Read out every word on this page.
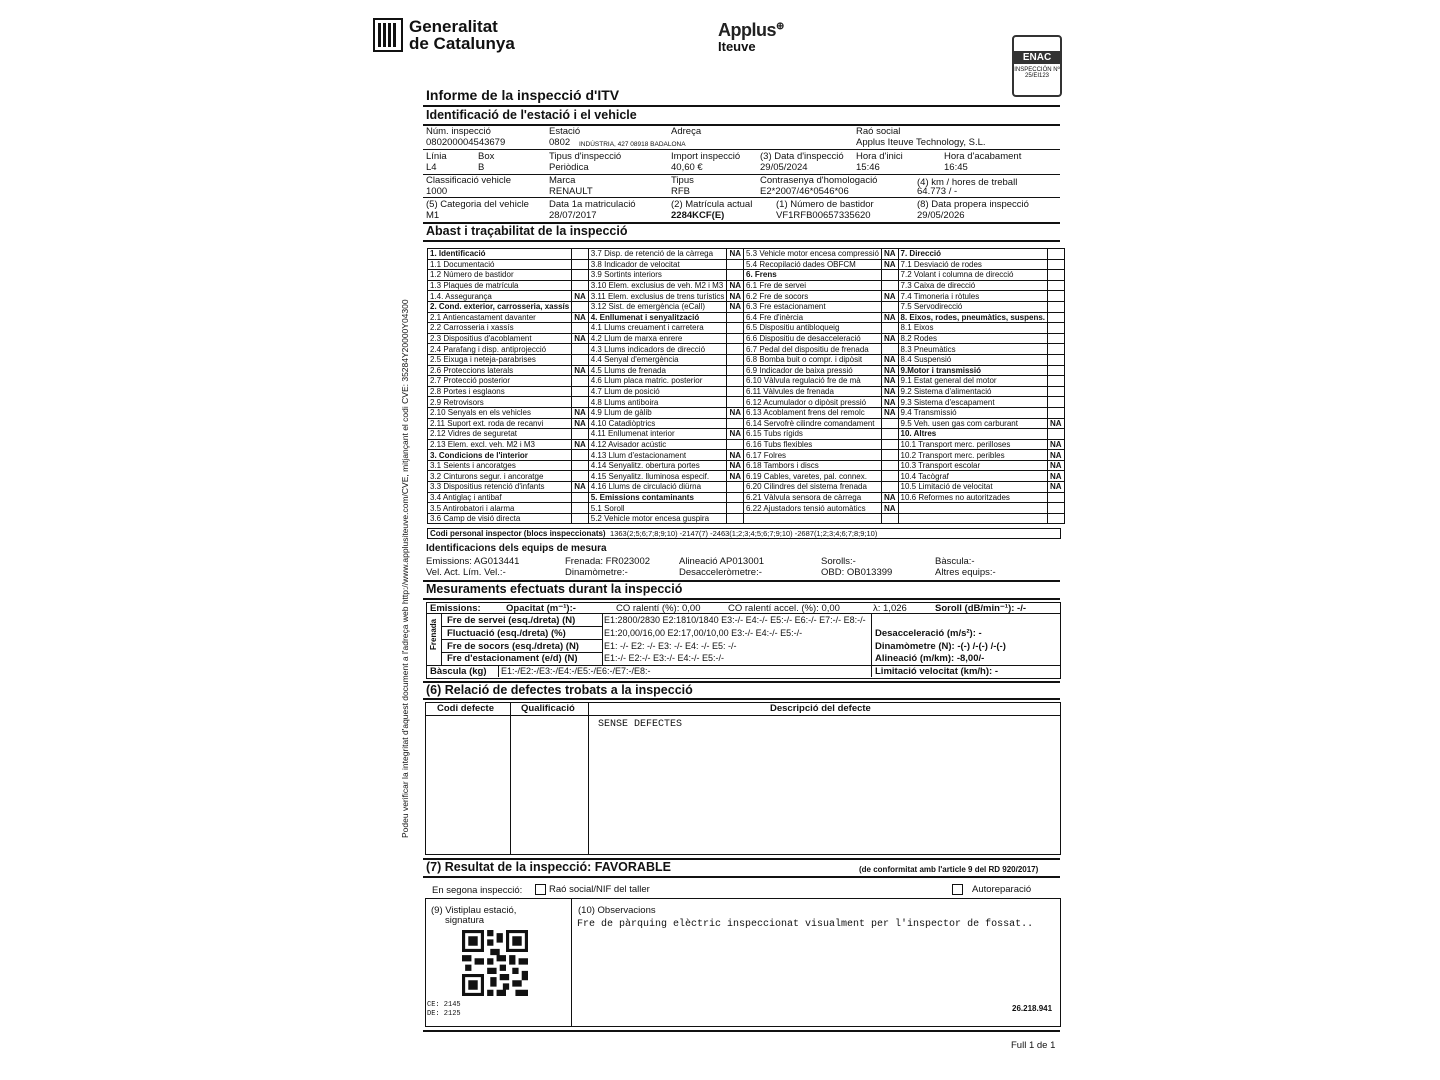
Podeu verificar la integritat d'aquest document a l'adreça web http://www.applusiteuve.com/CVE, mitjançant el codi CVE: 35284Y20000Y04300
Generalitat
de Catalunya
Applus⊕
Iteuve
ENAC
INSPECCIÓN Nº 25/EI123
Informe de la inspecció d'ITV
Identificació de l'estació i el vehicle
Núm. inspecció
080200004543679
Estació
0802
Adreça
INDÚSTRIA, 427 08918 BADALONA
Raó social
Applus Iteuve Technology, S.L.
Línia
L4
Box
B
Tipus d'inspecció
Periòdica
Import inspecció
40,60 €
(3) Data d'inspecció
29/05/2024
Hora d'inici
15:46
Hora d'acabament
16:45
Classificació vehicle
1000
Marca
RENAULT
Tipus
RFB
Contrasenya d'homologació
E2*2007/46*0546*06
(4) km / hores de treball
64.773 / -
(5) Categoria del vehicle
M1
Data 1a matriculació
28/07/2017
(2) Matrícula actual
2284KCF(E)
(1) Número de bastidor
VF1RFB00657335620
(8) Data propera inspecció
29/05/2026
Abast i traçabilitat de la inspecció
1. Identificació		3.7 Disp. de retenció de la càrrega	NA	5.3 Vehicle motor encesa compressió	NA	7. Direcció	
1.1 Documentació		3.8 Indicador de velocitat		5.4 Recopilació dades OBFCM	NA	7.1 Desviació de rodes	
1.2 Número de bastidor		3.9 Sortints interiors		6. Frens		7.2 Volant i columna de direcció	
1.3 Plaques de matrícula		3.10 Elem. exclusius de veh. M2 i M3	NA	6.1 Fre de servei		7.3 Caixa de direcció	
1.4. Assegurança	NA	3.11 Elem. exclusius de trens turístics	NA	6.2 Fre de socors	NA	7.4 Timoneria i ròtules	
2. Cond. exterior, carrosseria, xassís		3.12 Sist. de emergència (eCall)	NA	6.3 Fre estacionament		7.5 Servodirecció	
2.1 Antiencastament davanter	NA	4. Enllumenat i senyalització		6.4 Fre d'inèrcia	NA	8. Eixos, rodes, pneumàtics, suspens.	
2.2 Carrosseria i xassís		4.1 Llums creuament i carretera		6.5 Dispositiu antibloqueig		8.1 Eixos	
2.3 Dispositius d'acoblament	NA	4.2 Llum de marxa enrere		6.6 Dispositiu de desacceleració	NA	8.2 Rodes	
2.4 Parafang i disp. antiprojecció		4.3 Llums indicadors de direcció		6.7 Pedal del dispositiu de frenada		8.3 Pneumàtics	
2.5 Eixuga i neteja-parabrises		4.4 Senyal d'emergència		6.8 Bomba buit o compr. i dipòsit	NA	8.4 Suspensió	
2.6 Proteccions laterals	NA	4.5 Llums de frenada		6.9 Indicador de baixa pressió	NA	9.Motor i transmissió	
2.7 Protecció posterior		4.6 Llum placa matric. posterior		6.10 Vàlvula regulació fre de mà	NA	9.1 Estat general del motor	
2.8 Portes i esglaons		4.7 Llum de posició		6.11 Vàlvules de frenada	NA	9.2 Sistema d'alimentació	
2.9 Retrovisors		4.8 Llums antiboira		6.12 Acumulador o dipòsit pressió	NA	9.3 Sistema d'escapament	
2.10 Senyals en els vehicles	NA	4.9 Llum de gàlib	NA	6.13 Acoblament frens del remolc	NA	9.4 Transmissió	
2.11 Suport ext. roda de recanvi	NA	4.10 Catadiòptrics		6.14 Servofrè cilindre comandament		9.5 Veh. usen gas com carburant	NA
2.12 Vidres de seguretat		4.11 Enllumenat interior	NA	6.15 Tubs rígids		10. Altres	
2.13 Elem. excl. veh. M2 i M3	NA	4.12 Avisador acústic		6.16 Tubs flexibles		10.1 Transport merc. perilloses	NA
3. Condicions de l'interior		4.13 Llum d'estacionament	NA	6.17 Folres		10.2 Transport merc. peribles	NA
3.1 Seients i ancoratges		4.14 Senyalitz. obertura portes	NA	6.18 Tambors i discs		10.3 Transport escolar	NA
3.2 Cinturons segur. i ancoratge		4.15 Senyalitz. lluminosa especif.	NA	6.19 Cables, varetes, pal. connex.		10.4 Tacògraf	NA
3.3 Dispositius retenció d'infants	NA	4.16 Llums de circulació diürna		6.20 Cilindres del sistema frenada		10.5 Limitació de velocitat	NA
3.4 Antiglaç i antibaf		5. Emissions contaminants		6.21 Vàlvula sensora de càrrega	NA	10.6 Reformes no autoritzades	
3.5 Antirobatori i alarma		5.1 Soroll		6.22 Ajustadors tensió automàtics	NA		
3.6 Camp de visió directa		5.2 Vehicle motor encesa guspira					
Codi personal inspector (blocs inspeccionats) 1363(2;5;6;7;8;9;10) -2147(7) -2463(1;2;3;4;5;6;7;9;10) -2687(1;2;3;4;6;7;8;9;10)
Identificacions dels equips de mesura
Emissions: AG013441	Frenada: FR023002	Alineació AP013001	Sorolls:-	Bàscula:-
Vel. Act. Lím. Vel.:-	Dinamòmetre:-	Desacceleròmetre:-	OBD: OB013399	Altres equips:-
Mesuraments efectuats durant la inspecció
Emissions:	Opacitat (m⁻¹):-	CO ralentí (%): 0,00	CO ralentí accel. (%): 0,00	λ: 1,026	Soroll (dB/min⁻¹): -/-
Frenada Fre de servei (esq./dreta) (N)	E1:2800/2830 E2:1810/1840 E3:-/- E4:-/- E5:-/- E6:-/- E7:-/- E8:-/-
Fluctuació (esq./dreta) (%)	E1:20,00/16,00 E2:17,00/10,00 E3:-/- E4:-/- E5:-/-
Fre de socors (esq./dreta) (N)	E1: -/- E2: -/- E3: -/- E4: -/- E5: -/-
Fre d'estacionament (e/d) (N)	E1:-/- E2:-/- E3:-/- E4:-/- E5:-/-
Desacceleració (m/s²): -
Dinamòmetre (N): -(-) /-(-) /-(-)
Alineació (m/km): -8,00/-
Bàscula (kg) E1:-/E2:-/E3:-/E4:-/E5:-/E6:-/E7:-/E8:-	Limitació velocitat (km/h): -
(6) Relació de defectes trobats a la inspecció
Codi defecte	Qualificació	Descripció del defecte
SENSE DEFECTES
(7) Resultat de la inspecció: FAVORABLE	(de conformitat amb l'article 9 del RD 920/2017)
En segona inspecció:	Raó social/NIF del taller	Autoreparació
(9) Vistiplau estació,
signatura
CE: 2145
DE: 2125
(10) Observacions
Fre de pàrquing elèctric inspeccionat visualment per l'inspector de fossat..
26.218.941
Full 1 de 1
